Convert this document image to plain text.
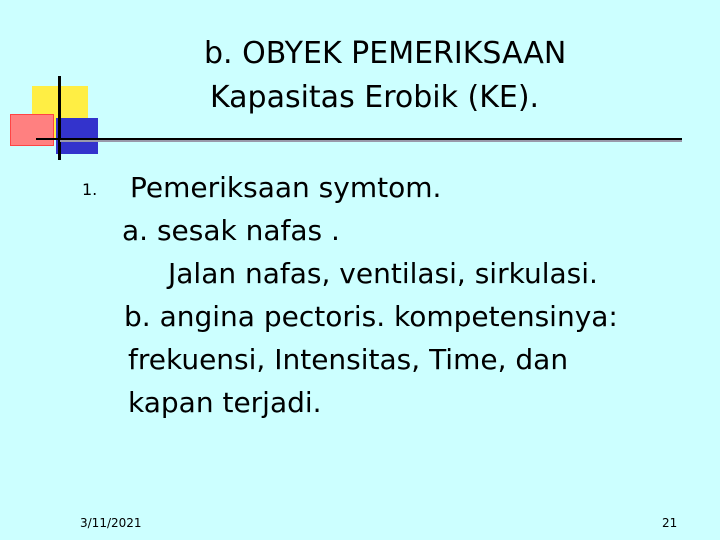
b. OBYEK PEMERIKSAAN
Kapasitas Erobik (KE).
1. Pemeriksaan symtom.
a. sesak nafas .
Jalan nafas, ventilasi, sirkulasi.
b. angina pectoris. kompetensinya:
frekuensi, Intensitas, Time, dan
kapan terjadi.
3/11/2021	21
